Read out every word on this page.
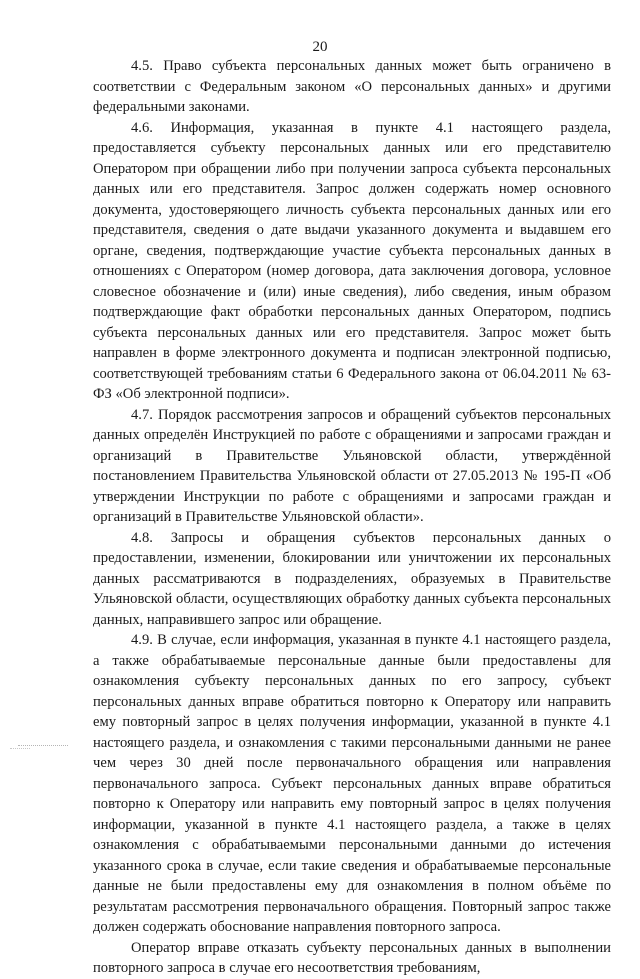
20

4.5. Право субъекта персональных данных может быть ограничено в соответствии с Федеральным законом «О персональных данных» и другими федеральными законами.

4.6. Информация, указанная в пункте 4.1 настоящего раздела, предоставляется субъекту персональных данных или его представителю Оператором при обращении либо при получении запроса субъекта персональных данных или его представителя. Запрос должен содержать номер основного документа, удостоверяющего личность субъекта персональных данных или его представителя, сведения о дате выдачи указанного документа и выдавшем его органе, сведения, подтверждающие участие субъекта персональных данных в отношениях с Оператором (номер договора, дата заключения договора, условное словесное обозначение и (или) иные сведения), либо сведения, иным образом подтверждающие факт обработки персональных данных Оператором, подпись субъекта персональных данных или его представителя. Запрос может быть направлен в форме электронного документа и подписан электронной подписью, соответствующей требованиям статьи 6 Федерального закона от 06.04.2011 № 63-ФЗ «Об электронной подписи».

4.7. Порядок рассмотрения запросов и обращений субъектов персональных данных определён Инструкцией по работе с обращениями и запросами граждан и организаций в Правительстве Ульяновской области, утверждённой постановлением Правительства Ульяновской области от 27.05.2013 № 195-П «Об утверждении Инструкции по работе с обращениями и запросами граждан и организаций в Правительстве Ульяновской области».

4.8. Запросы и обращения субъектов персональных данных о предоставлении, изменении, блокировании или уничтожении их персональных данных рассматриваются в подразделениях, образуемых в Правительстве Ульяновской области, осуществляющих обработку данных субъекта персональных данных, направившего запрос или обращение.

4.9. В случае, если информация, указанная в пункте 4.1 настоящего раздела, а также обрабатываемые персональные данные были предоставлены для ознакомления субъекту персональных данных по его запросу, субъект персональных данных вправе обратиться повторно к Оператору или направить ему повторный запрос в целях получения информации, указанной в пункте 4.1 настоящего раздела, и ознакомления с такими персональными данными не ранее чем через 30 дней после первоначального обращения или направления первоначального запроса. Субъект персональных данных вправе обратиться повторно к Оператору или направить ему повторный запрос в целях получения информации, указанной в пункте 4.1 настоящего раздела, а также в целях ознакомления с обрабатываемыми персональными данными до истечения указанного срока в случае, если такие сведения и обрабатываемые персональные данные не были предоставлены ему для ознакомления в полном объёме по результатам рассмотрения первоначального обращения. Повторный запрос также должен содержать обоснование направления повторного запроса.

Оператор вправе отказать субъекту персональных данных в выполнении повторного запроса в случае его несоответствия требованиям,
